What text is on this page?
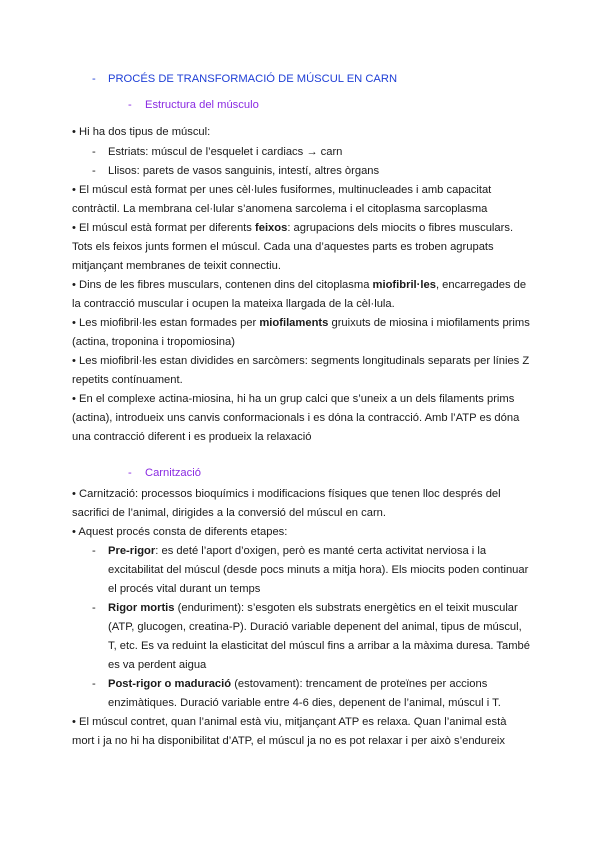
- PROCÉS DE TRANSFORMACIÓ DE MÚSCUL EN CARN
- Estructura del músculo
• Hi ha dos tipus de múscul:
- Estriats: múscul de l’esquelet i cardiacs → carn
- Llisos: parets de vasos sanguinis, intestí, altres òrgans
• El múscul està format per unes cèl·lules fusiformes, multinucleades i amb capacitat
contràctil. La membrana cel·lular s’anomena sarcolema i el citoplasma sarcoplasma
• El múscul està format per diferents feixos: agrupacions dels miocits o fibres musculars.
Tots els feixos junts formen el múscul. Cada una d’aquestes parts es troben agrupats
mitjançant membranes de teixit connectiu.
• Dins de les fibres musculars, contenen dins del citoplasma miofibril·les, encarregades de
la contracció muscular i ocupen la mateixa llargada de la cèl·lula.
• Les miofibril·les estan formades per miofilaments gruixuts de miosina i miofilaments prims
(actina, troponina i tropomiosina)
• Les miofibril·les estan dividides en sarcòmers: segments longitudinals separats per línies Z
repetits contínuament.
• En el complexe actina-miosina, hi ha un grup calci que s’uneix a un dels filaments prims
(actina), introdueix uns canvis conformacionals i es dóna la contracció. Amb l’ATP es dóna
una contracció diferent i es produeix la relaxació
- Carnització
• Carnització: processos bioquímics i modificacions físiques que tenen lloc després del
sacrifici de l’animal, dirigides a la conversió del múscul en carn.
• Aquest procés consta de diferents etapes:
- Pre-rigor: es deté l’aport d’oxigen, però es manté certa activitat nerviosa i la
excitabilitat del múscul (desde pocs minuts a mitja hora). Els miocits poden continuar
el procés vital durant un temps
- Rigor mortis (enduriment): s’esgoten els substrats energètics en el teixit muscular
(ATP, glucogen, creatina-P). Duració variable depenent del animal, tipus de múscul,
T, etc. Es va reduint la elasticitat del múscul fins a arribar a la màxima duresa. També
es va perdent aigua
- Post-rigor o maduració (estovament): trencament de proteïnes per accions
enzimàtiques. Duració variable entre 4-6 dies, depenent de l’animal, múscul i T.
• El múscul contret, quan l’animal està viu, mitjançant ATP es relaxa. Quan l’animal està
mort i ja no hi ha disponibilitat d’ATP, el múscul ja no es pot relaxar i per això s’endureix
